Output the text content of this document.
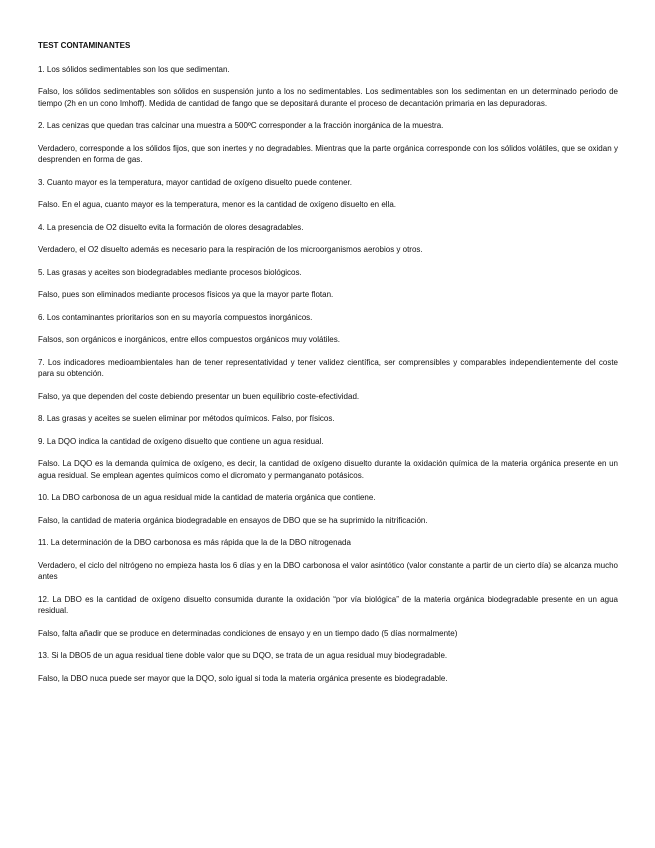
TEST CONTAMINANTES
1. Los sólidos sedimentables son los que sedimentan.
Falso, los sólidos sedimentables son sólidos en suspensión junto a los no sedimentables. Los sedimentables son los sedimentan en un determinado periodo de tiempo (2h en un cono Imhoff). Medida de cantidad de fango que se depositará durante el proceso de decantación primaria en las depuradoras.
2. Las cenizas que quedan tras calcinar una muestra a 500ºC corresponder a la fracción inorgánica de la muestra.
Verdadero, corresponde a los sólidos fijos, que son inertes y no degradables. Mientras que la parte orgánica corresponde con los sólidos volátiles, que se oxidan y desprenden en forma de gas.
3. Cuanto mayor es la temperatura, mayor cantidad de oxígeno disuelto puede contener.
Falso. En el agua, cuanto mayor es la temperatura, menor es la cantidad de oxígeno disuelto en ella.
4. La presencia de O2 disuelto evita la formación de olores desagradables.
Verdadero, el O2 disuelto además es necesario para la respiración de los microorganismos aerobios y otros.
5. Las grasas y aceites son biodegradables mediante procesos biológicos.
Falso, pues son eliminados mediante procesos físicos ya que la mayor parte flotan.
6. Los contaminantes prioritarios son en su mayoría compuestos inorgánicos.
Falsos, son orgánicos e inorgánicos, entre ellos compuestos orgánicos muy volátiles.
7. Los indicadores medioambientales han de tener representatividad y tener validez científica, ser comprensibles y comparables independientemente del coste para su obtención.
Falso, ya que dependen del coste debiendo presentar un buen equilibrio coste-efectividad.
8. Las grasas y aceites se suelen eliminar por métodos químicos. Falso, por físicos.
9. La DQO indica la cantidad de oxígeno disuelto que contiene un agua residual.
Falso. La DQO es la demanda química de oxígeno, es decir, la cantidad de oxígeno disuelto durante la oxidación química de la materia orgánica presente en un agua residual. Se emplean agentes químicos como el dicromato y permanganato potásicos.
10. La DBO carbonosa de un agua residual mide la cantidad de materia orgánica que contiene.
Falso, la cantidad de materia orgánica biodegradable en ensayos de DBO que se ha suprimido la nitrificación.
11. La determinación de la DBO carbonosa es más rápida que la de la DBO nitrogenada
Verdadero, el ciclo del nitrógeno no empieza hasta los 6 días y en la DBO carbonosa el valor asintótico (valor constante a partir de un cierto día) se alcanza mucho antes
12. La DBO es la cantidad de oxígeno disuelto consumida durante la oxidación “por vía biológica” de la materia orgánica biodegradable presente en un agua residual.
Falso, falta añadir que se produce en determinadas condiciones de ensayo y en un tiempo dado (5 días normalmente)
13. Si la DBO5 de un agua residual tiene doble valor que su DQO, se trata de un agua residual muy biodegradable.
Falso, la DBO nuca puede ser mayor que la DQO, solo igual si toda la materia orgánica presente es biodegradable.
